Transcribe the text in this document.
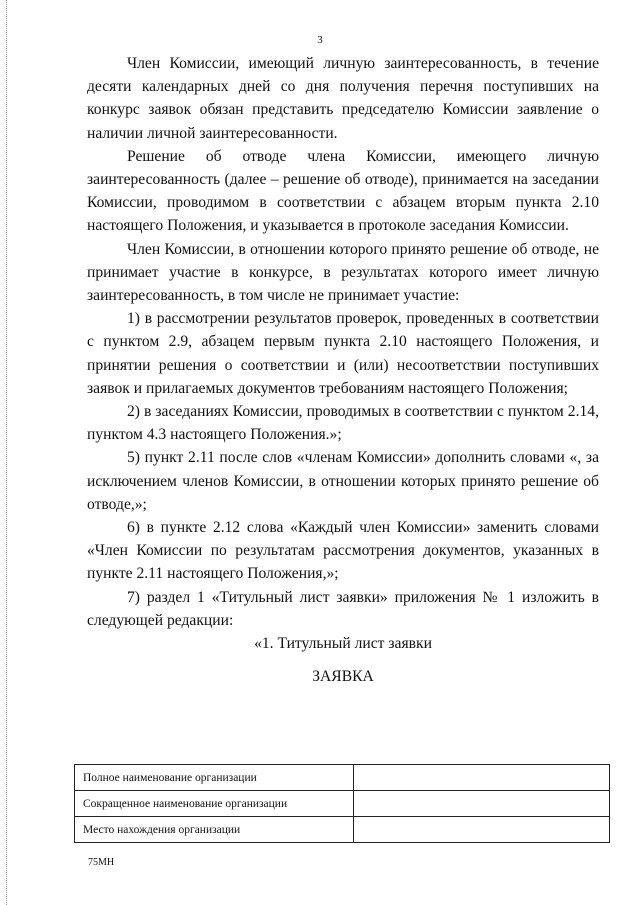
3

Член Комиссии, имеющий личную заинтересованность, в течение десяти календарных дней со дня получения перечня поступивших на конкурс заявок обязан представить председателю Комиссии заявление о наличии личной заинтересованности.

Решение об отводе члена Комиссии, имеющего личную заинтересованность (далее – решение об отводе), принимается на заседании Комиссии, проводимом в соответствии с абзацем вторым пункта 2.10 настоящего Положения, и указывается в протоколе заседания Комиссии.

Член Комиссии, в отношении которого принято решение об отводе, не принимает участие в конкурсе, в результатах которого имеет личную заинтересованность, в том числе не принимает участие:

1) в рассмотрении результатов проверок, проведенных в соответствии с пунктом 2.9, абзацем первым пункта 2.10 настоящего Положения, и принятии решения о соответствии и (или) несоответствии поступивших заявок и прилагаемых документов требованиям настоящего Положения;

2) в заседаниях Комиссии, проводимых в соответствии с пунктом 2.14, пунктом 4.3 настоящего Положения.»;

5) пункт 2.11 после слов «членам Комиссии» дополнить словами «, за исключением членов Комиссии, в отношении которых принято решение об отводе,»;

6) в пункте 2.12 слова «Каждый член Комиссии» заменить словами «Член Комиссии по результатам рассмотрения документов, указанных в пункте 2.11 настоящего Положения,»;

7) раздел 1 «Титульный лист заявки» приложения № 1 изложить в следующей редакции:

«1. Титульный лист заявки

ЗАЯВКА

Полное наименование организации	
Сокращенное наименование организации	
Место нахождения организации	
75МН
